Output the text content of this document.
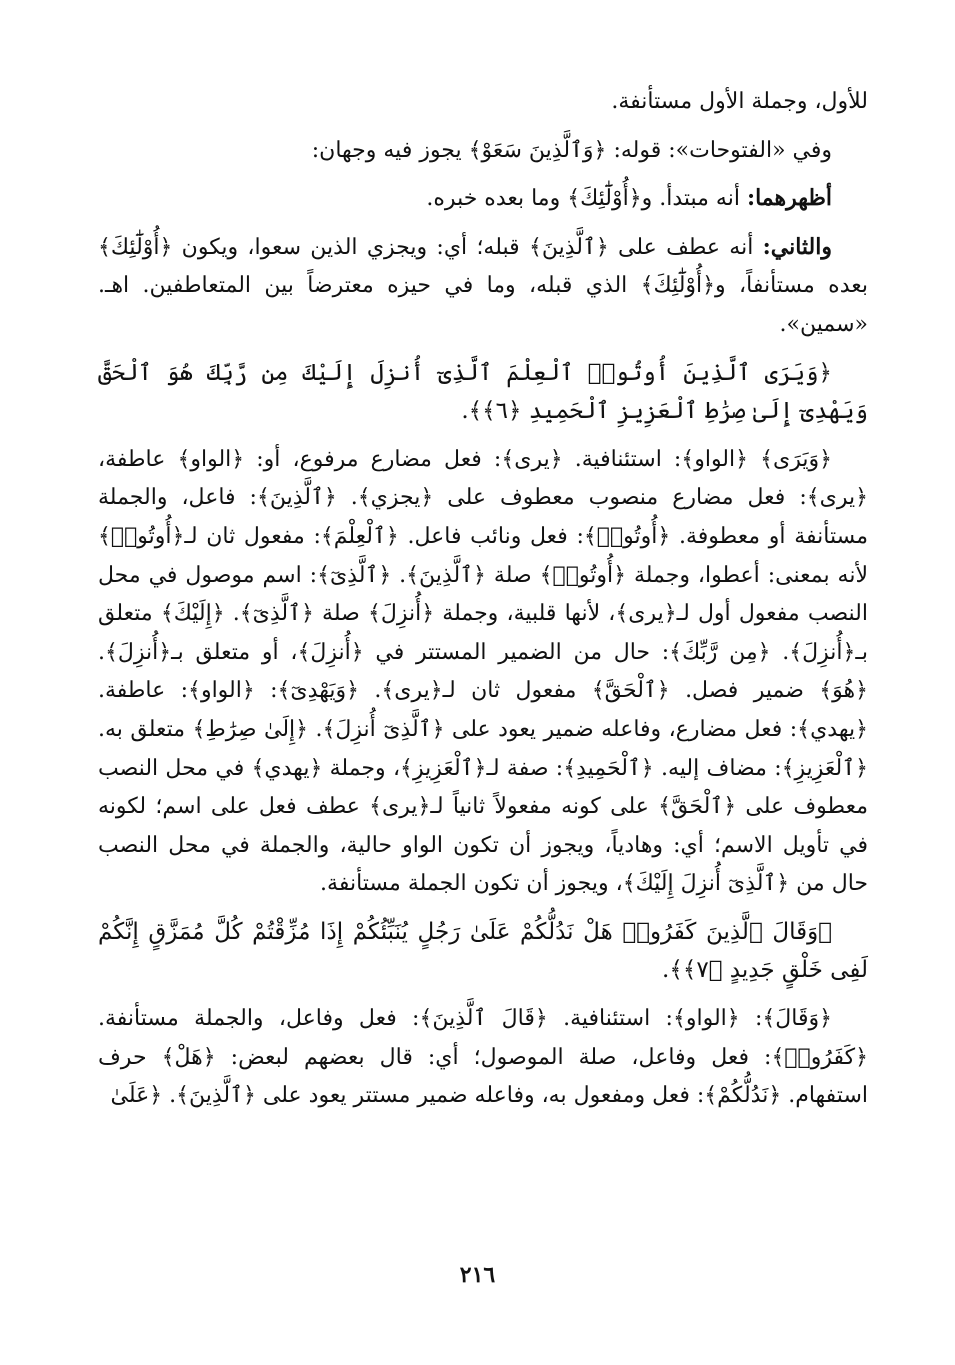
للأول، وجملة الأول مستأنفة.

وفي «الفتوحات»: قوله: ﴿وَٱلَّذِينَ سَعَوْ﴾ يجوز فيه وجهان:

أظهرهما: أنه مبتدأ. و﴿أُوْلَٰٓئِكَ﴾ وما بعده خبره.

والثاني: أنه عطف على ﴿ٱلَّذِينَ﴾ قبله؛ أي: ويجزي الذين سعوا، ويكون ﴿أُوْلَٰٓئِكَ﴾ بعده مستأنفاً، و﴿أُوْلَٰٓئِكَ﴾ الذي قبله، وما في حيزه معترضاً بين المتعاطفين. اهـ. «سمين».

﴿وَيَرَى ٱلَّذِينَ أُوتُوا۟ ٱلْعِلْمَ ٱلَّذِىٓ أُنزِلَ إِلَيْكَ مِن رَّبِّكَ هُوَ ٱلْحَقَّ وَيَهْدِىٓ إِلَىٰ صِرَٰطِ ٱلْعَزِيزِ ٱلْحَمِيدِ ﴿٦﴾﴾.

﴿وَيَرَى﴾ ﴿الواو﴾: استئنافية. ﴿يرى﴾: فعل مضارع مرفوع، أو: ﴿الواو﴾ عاطفة، ﴿يرى﴾: فعل مضارع منصوب معطوف على ﴿يجزي﴾. ﴿ٱلَّذِينَ﴾: فاعل، والجملة مستأنفة أو معطوفة. ﴿أُوتُوا۟﴾: فعل ونائب فاعل. ﴿ٱلْعِلْمَ﴾: مفعول ثان لـ﴿أُوتُوا۟﴾ لأنه بمعنى: أعطوا، وجملة ﴿أُوتُوا۟﴾ صلة ﴿ٱلَّذِينَ﴾. ﴿ٱلَّذِىٓ﴾: اسم موصول في محل النصب مفعول أول لـ﴿يرى﴾، لأنها قلبية، وجملة ﴿أُنزِلَ﴾ صلة ﴿ٱلَّذِىٓ﴾. ﴿إِلَيْكَ﴾ متعلق بـ﴿أُنزِلَ﴾. ﴿مِن رَّبِّكَ﴾: حال من الضمير المستتر في ﴿أُنزِلَ﴾، أو متعلق بـ﴿أُنزِلَ﴾. ﴿هُوَ﴾ ضمير فصل. ﴿ٱلْحَقَّ﴾ مفعول ثان لـ﴿يرى﴾. ﴿وَيَهْدِىٓ﴾: ﴿الواو﴾: عاطفة. ﴿يهدي﴾: فعل مضارع، وفاعله ضمير يعود على ﴿ٱلَّذِىٓ أُنزِلَ﴾. ﴿إِلَىٰ صِرَٰطِ﴾ متعلق به. ﴿ٱلْعَزِيزِ﴾: مضاف إليه. ﴿ٱلْحَمِيدِ﴾: صفة لـ﴿ٱلْعَزِيزِ﴾، وجملة ﴿يهدي﴾ في محل النصب معطوف على ﴿ٱلْحَقَّ﴾ على كونه مفعولاً ثانياً لـ﴿يرى﴾ عطف فعل على اسم؛ لكونه في تأويل الاسم؛ أي: وهادياً، ويجوز أن تكون الواو حالية، والجملة في محل النصب حال من ﴿ٱلَّذِىٓ أُنزِلَ إِلَيْكَ﴾، ويجوز أن تكون الجملة مستأنفة.

﴿وَقَالَ ٱلَّذِينَ كَفَرُوا۟ هَلْ نَدُلُّكُمْ عَلَىٰ رَجُلٍ يُنَبِّئُكُمْ إِذَا مُزِّقْتُمْ كُلَّ مُمَزَّقٍ إِنَّكُمْ لَفِى خَلْقٍ جَدِيدٍ ﴿٧﴾﴾.

﴿وَقَالَ﴾: ﴿الواو﴾: استئنافية. ﴿قَالَ ٱلَّذِينَ﴾: فعل وفاعل، والجملة مستأنفة. ﴿كَفَرُوا۟﴾: فعل وفاعل، صلة الموصول؛ أي: قال بعضهم لبعض: ﴿هَلْ﴾ حرف استفهام. ﴿نَدُلُّكُمْ﴾: فعل ومفعول به، وفاعله ضمير مستتر يعود على ﴿ٱلَّذِينَ﴾. ﴿عَلَىٰ

٢١٦
